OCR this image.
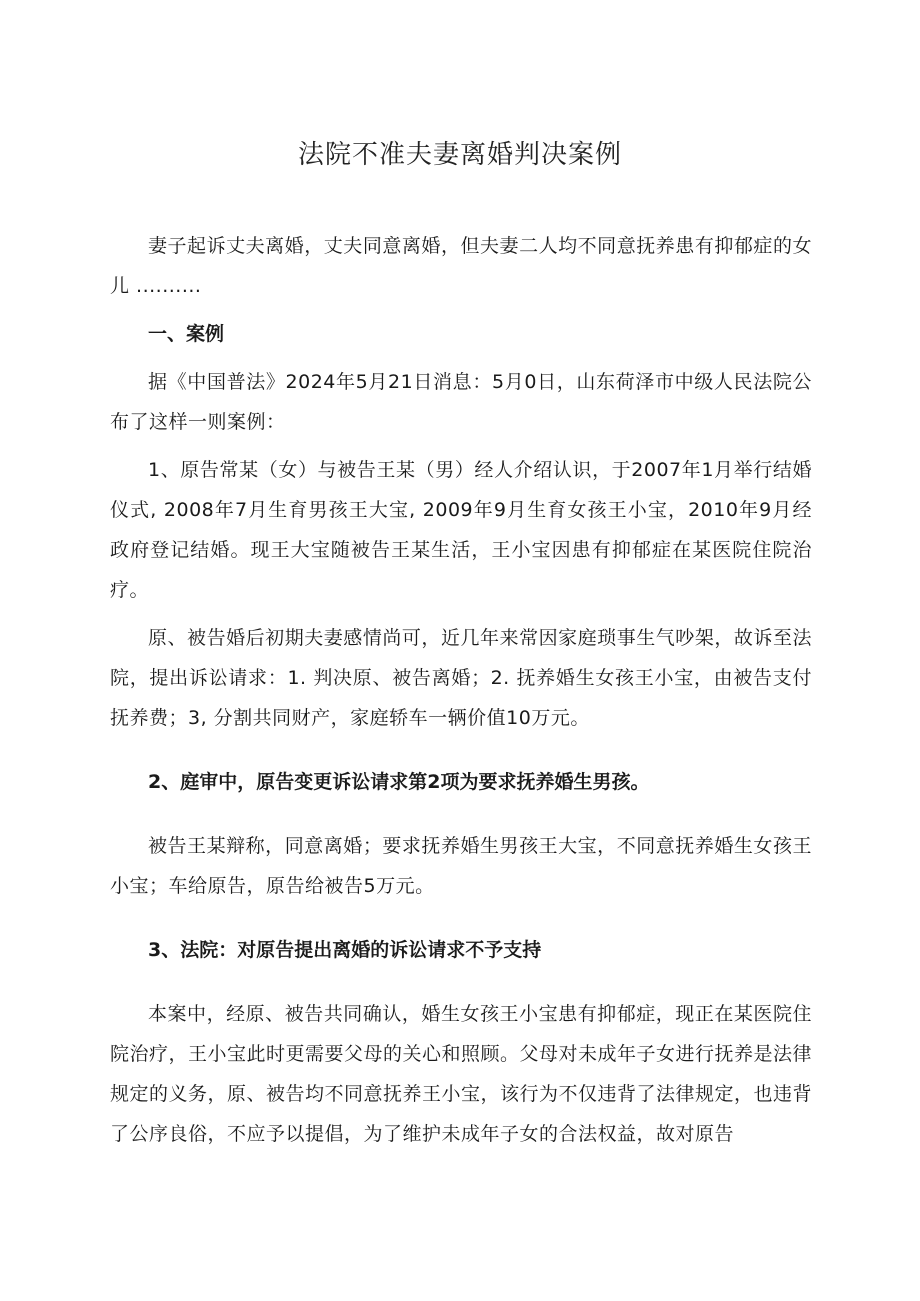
法院不准夫妻离婚判决案例

妻子起诉丈夫离婚，丈夫同意离婚，但夫妻二人均不同意抚养患有抑郁症的女儿 ..........

一、案例

据《中国普法》2024年5月21日消息：5月0日，山东荷泽市中级人民法院公布了这样一则案例：

1、原告常某（女）与被告王某（男）经人介绍认识，于2007年1月举行结婚仪式, 2008年7月生育男孩王大宝, 2009年9月生育女孩王小宝，2010年9月经政府登记结婚。现王大宝随被告王某生活，王小宝因患有抑郁症在某医院住院治疗。

原、被告婚后初期夫妻感情尚可，近几年来常因家庭琐事生气吵架，故诉至法院，提出诉讼请求：1. 判决原、被告离婚；2. 抚养婚生女孩王小宝，由被告支付抚养费；3, 分割共同财产，家庭轿车一辆价值10万元。

2、庭审中，原告变更诉讼请求第2项为要求抚养婚生男孩。

被告王某辩称，同意离婚；要求抚养婚生男孩王大宝，不同意抚养婚生女孩王小宝；车给原告，原告给被告5万元。

3、法院：对原告提出离婚的诉讼请求不予支持

本案中，经原、被告共同确认，婚生女孩王小宝患有抑郁症，现正在某医院住院治疗，王小宝此时更需要父母的关心和照顾。父母对未成年子女进行抚养是法律规定的义务，原、被告均不同意抚养王小宝，该行为不仅违背了法律规定，也违背了公序良俗，不应予以提倡，为了维护未成年子女的合法权益，故对原告
